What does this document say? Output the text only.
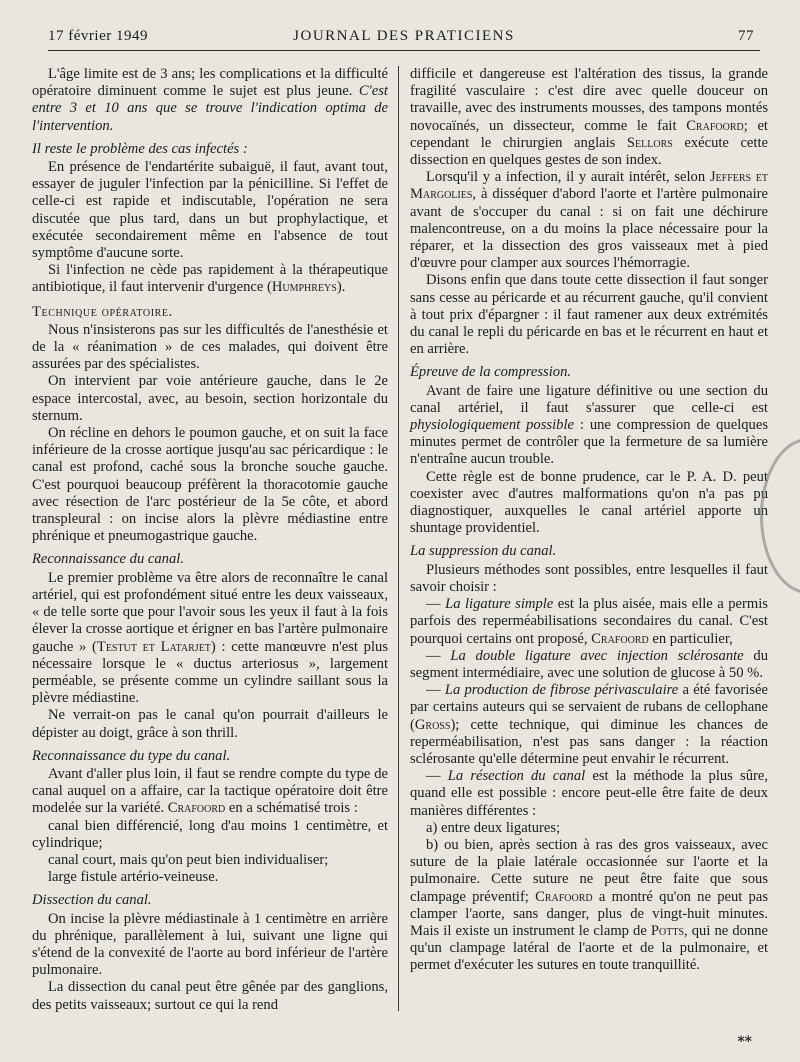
17 février 1949	JOURNAL DES PRATICIENS	77

L'âge limite est de 3 ans; les complications et la difficulté opératoire diminuent comme le sujet est plus jeune. C'est entre 3 et 10 ans que se trouve l'indication optima de l'intervention.

Il reste le problème des cas infectés :

En présence de l'endartérite subaiguë, il faut, avant tout, essayer de juguler l'infection par la pénicilline. Si l'effet de celle-ci est rapide et indiscutable, l'opération ne sera discutée que plus tard, dans un but prophylactique, et exécutée secondairement même en l'absence de tout symptôme d'aucune sorte.

Si l'infection ne cède pas rapidement à la thérapeutique antibiotique, il faut intervenir d'urgence (Humphreys).

Technique opératoire.

Nous n'insisterons pas sur les difficultés de l'anesthésie et de la « réanimation » de ces malades, qui doivent être assurées par des spécialistes.

On intervient par voie antérieure gauche, dans le 2e espace intercostal, avec, au besoin, section horizontale du sternum.

On récline en dehors le poumon gauche, et on suit la face inférieure de la crosse aortique jusqu'au sac péricardique : le canal est profond, caché sous la bronche souche gauche. C'est pourquoi beaucoup préfèrent la thoracotomie gauche avec résection de l'arc postérieur de la 5e côte, et abord transpleural : on incise alors la plèvre médiastine entre phrénique et pneumogastrique gauche.

Reconnaissance du canal.

Le premier problème va être alors de reconnaître le canal artériel, qui est profondément situé entre les deux vaisseaux, « de telle sorte que pour l'avoir sous les yeux il faut à la fois élever la crosse aortique et érigner en bas l'artère pulmonaire gauche » (Testut et Latarjet) : cette manœuvre n'est plus nécessaire lorsque le « ductus arteriosus », largement perméable, se présente comme un cylindre saillant sous la plèvre médiastine.

Ne verrait-on pas le canal qu'on pourrait d'ailleurs le dépister au doigt, grâce à son thrill.

Reconnaissance du type du canal.

Avant d'aller plus loin, il faut se rendre compte du type de canal auquel on a affaire, car la tactique opératoire doit être modelée sur la variété. Crafoord en a schématisé trois :

canal bien différencié, long d'au moins 1 centimètre, et cylindrique;

canal court, mais qu'on peut bien individualiser;

large fistule artério-veineuse.

Dissection du canal.

On incise la plèvre médiastinale à 1 centimètre en arrière du phrénique, parallèlement à lui, suivant une ligne qui s'étend de la convexité de l'aorte au bord inférieur de l'artère pulmonaire.

La dissection du canal peut être gênée par des ganglions, des petits vaisseaux; surtout ce qui la rend

difficile et dangereuse est l'altération des tissus, la grande fragilité vasculaire : c'est dire avec quelle douceur on travaille, avec des instruments mousses, des tampons montés novocaïnés, un dissecteur, comme le fait Crafoord; et cependant le chirurgien anglais Sellors exécute cette dissection en quelques gestes de son index.

Lorsqu'il y a infection, il y aurait intérêt, selon Jeffers et Margolies, à disséquer d'abord l'aorte et l'artère pulmonaire avant de s'occuper du canal : si on fait une déchirure malencontreuse, on a du moins la place nécessaire pour la réparer, et la dissection des gros vaisseaux met à pied d'œuvre pour clamper aux sources l'hémorragie.

Disons enfin que dans toute cette dissection il faut songer sans cesse au péricarde et au récurrent gauche, qu'il convient à tout prix d'épargner : il faut ramener aux deux extrémités du canal le repli du péricarde en bas et le récurrent en haut et en arrière.

Épreuve de la compression.

Avant de faire une ligature définitive ou une section du canal artériel, il faut s'assurer que celle-ci est physiologiquement possible : une compression de quelques minutes permet de contrôler que la fermeture de sa lumière n'entraîne aucun trouble.

Cette règle est de bonne prudence, car le P. A. D. peut coexister avec d'autres malformations qu'on n'a pas pu diagnostiquer, auxquelles le canal artériel apporte un shuntage providentiel.

La suppression du canal.

Plusieurs méthodes sont possibles, entre lesquelles il faut savoir choisir :

— La ligature simple est la plus aisée, mais elle a permis parfois des reperméabilisations secondaires du canal. C'est pourquoi certains ont proposé, Crafoord en particulier,

— La double ligature avec injection sclérosante du segment intermédiaire, avec une solution de glucose à 50 %.

— La production de fibrose périvasculaire a été favorisée par certains auteurs qui se servaient de rubans de cellophane (Gross); cette technique, qui diminue les chances de reperméabilisation, n'est pas sans danger : la réaction sclérosante qu'elle détermine peut envahir le récurrent.

— La résection du canal est la méthode la plus sûre, quand elle est possible : encore peut-elle être faite de deux manières différentes :

a) entre deux ligatures;

b) ou bien, après section à ras des gros vaisseaux, avec suture de la plaie latérale occasionnée sur l'aorte et la pulmonaire. Cette suture ne peut être faite que sous clampage préventif; Crafoord a montré qu'on ne peut pas clamper l'aorte, sans danger, plus de vingt-huit minutes. Mais il existe un instrument le clamp de Potts, qui ne donne qu'un clampage latéral de l'aorte et de la pulmonaire, et permet d'exécuter les sutures en toute tranquillité.

**
